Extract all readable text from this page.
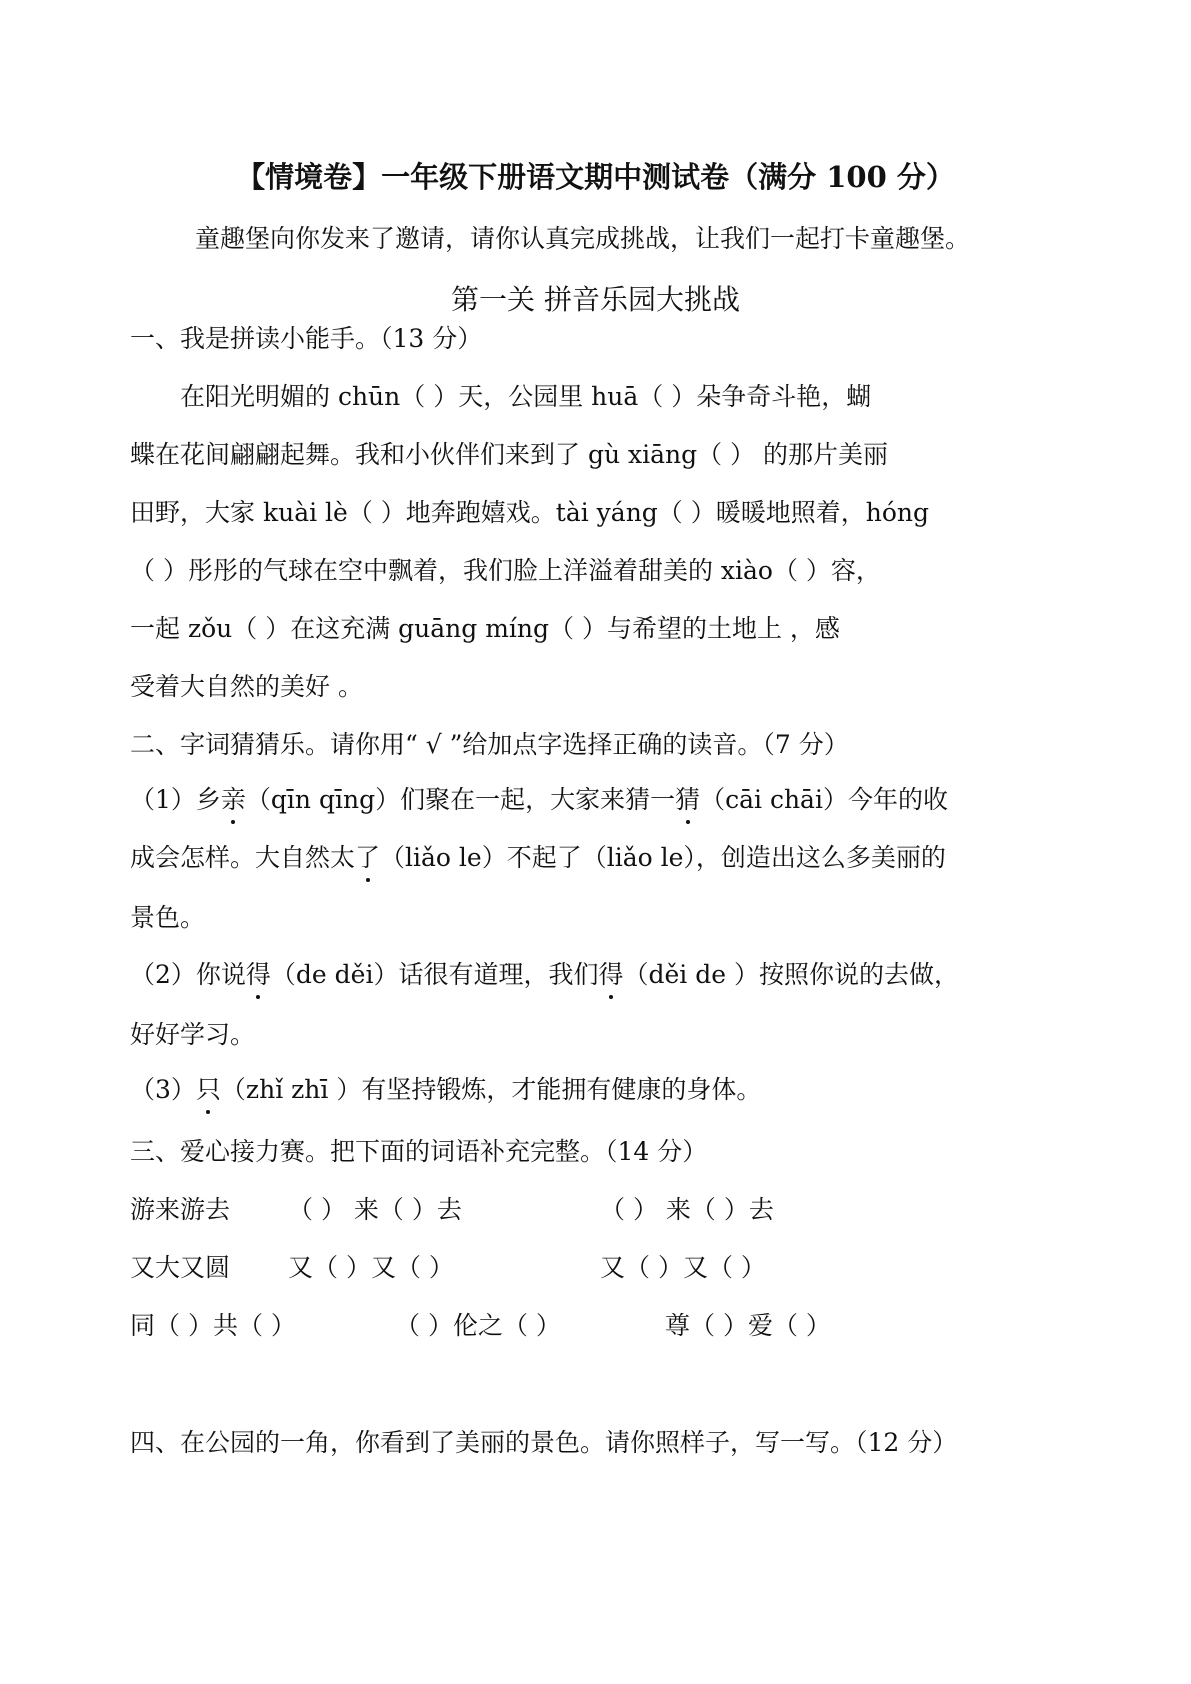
【情境卷】一年级下册语文期中测试卷（满分 100 分）
童趣堡向你发来了邀请，请你认真完成挑战，让我们一起打卡童趣堡。
第一关 拼音乐园大挑战
一、我是拼读小能手。（13 分）
在阳光明媚的 chūn（ ）天，公园里 huā（ ）朵争奇斗艳，蝴
蝶在花间翩翩起舞。我和小伙伴们来到了 gù xiāng（ ） 的那片美丽
田野，大家 kuài lè（ ）地奔跑嬉戏。tài yáng（ ）暖暖地照着，hóng
（ ）彤彤的气球在空中飘着，我们脸上洋溢着甜美的 xiào（ ）容，
一起 zǒu（ ）在这充满 guāng míng（ ）与希望的土地上 ，感
受着大自然的美好 。
二、字词猜猜乐。请你用“ √ ”给加点字选择正确的读音。（7 分）
（1）乡亲（qīn qīng）们聚在一起，大家来猜一猜（cāi chāi）今年的收
成会怎样。大自然太了（liǎo le）不起了（liǎo le），创造出这么多美丽的
景色。
（2）你说得（de děi）话很有道理，我们得（děi de ）按照你说的去做，
好好学习。
（3）只（zhǐ zhī ）有坚持锻炼，才能拥有健康的身体。
三、爱心接力赛。把下面的词语补充完整。（14 分）
游来游去 （ ） 来（ ）去	（ ） 来（ ）去
又大又圆 又（ ）又（ ）	又（ ）又（ ）
同（ ）共（ ）	（ ）伦之（ ）	尊（ ）爱（ ）
四、在公园的一角，你看到了美丽的景色。请你照样子，写一写。（12 分）
